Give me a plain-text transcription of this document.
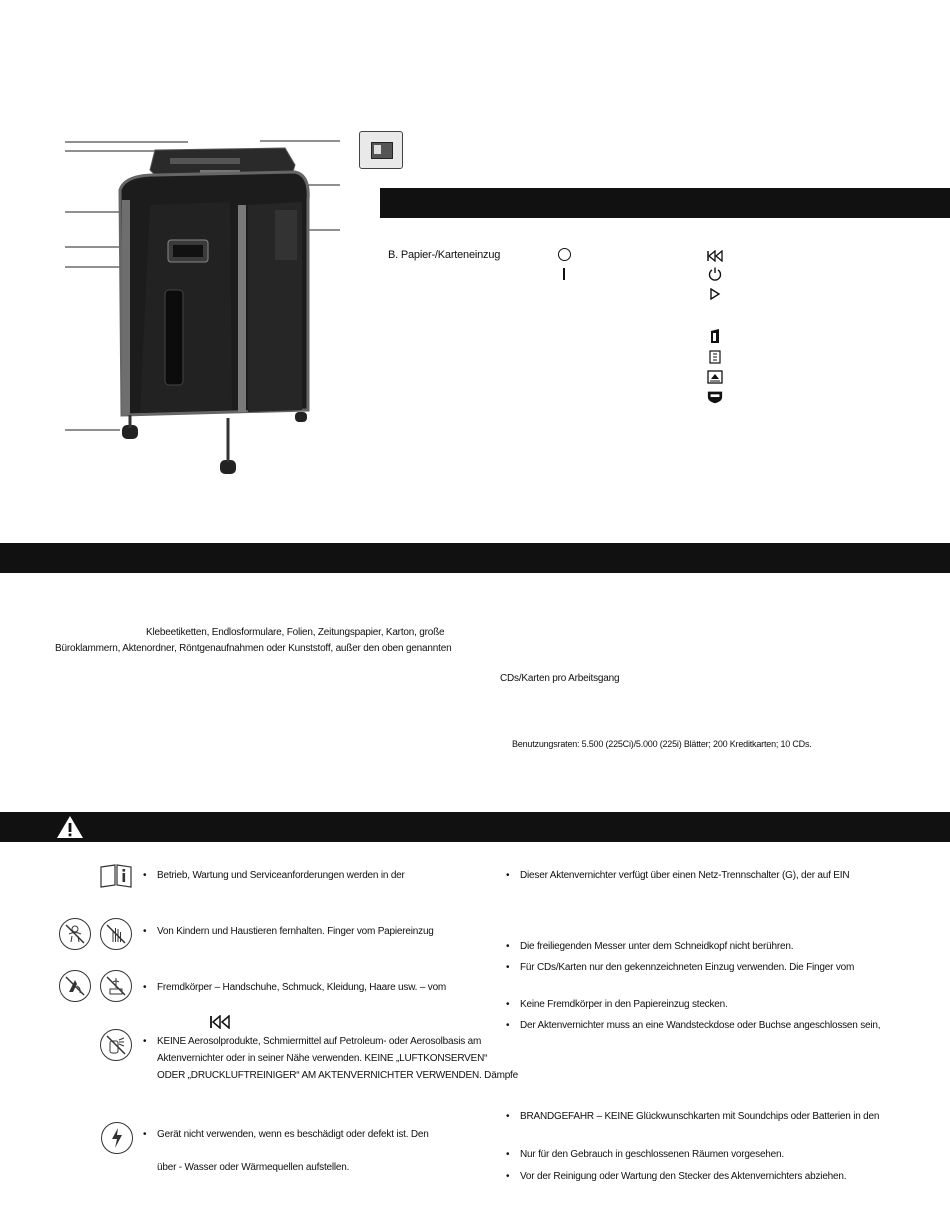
B. Papier-/Karteneinzug
Klebeetiketten, Endlosformulare, Folien, Zeitungspapier, Karton, große
Büroklammern, Aktenordner, Röntgenaufnahmen oder Kunststoff, außer den oben genannten
CDs/Karten pro Arbeitsgang
Benutzungsraten: 5.500 (225Ci)/5.000 (225i) Blätter; 200 Kreditkarten; 10 CDs.
• Betrieb, Wartung und Serviceanforderungen werden in der
• Von Kindern und Haustieren fernhalten. Finger vom Papiereinzug
• Fremdkörper – Handschuhe, Schmuck, Kleidung, Haare usw. – vom
• KEINE Aerosolprodukte, Schmiermittel auf Petroleum- oder Aerosolbasis am
Aktenvernichter oder in seiner Nähe verwenden. KEINE „LUFTKONSERVEN“
ODER „DRUCKLUFTREINIGER“ AM AKTENVERNICHTER VERWENDEN. Dämpfe
• Gerät nicht verwenden, wenn es beschädigt oder defekt ist. Den
über - Wasser oder Wärmequellen aufstellen.
• Dieser Aktenvernichter verfügt über einen Netz-Trennschalter (G), der auf EIN
• Die freiliegenden Messer unter dem Schneidkopf nicht berühren.
• Für CDs/Karten nur den gekennzeichneten Einzug verwenden. Die Finger vom
• Keine Fremdkörper in den Papiereinzug stecken.
• Der Aktenvernichter muss an eine Wandsteckdose oder Buchse angeschlossen sein,
• BRANDGEFAHR – KEINE Glückwunschkarten mit Soundchips oder Batterien in den
• Nur für den Gebrauch in geschlossenen Räumen vorgesehen.
• Vor der Reinigung oder Wartung den Stecker des Aktenvernichters abziehen.
